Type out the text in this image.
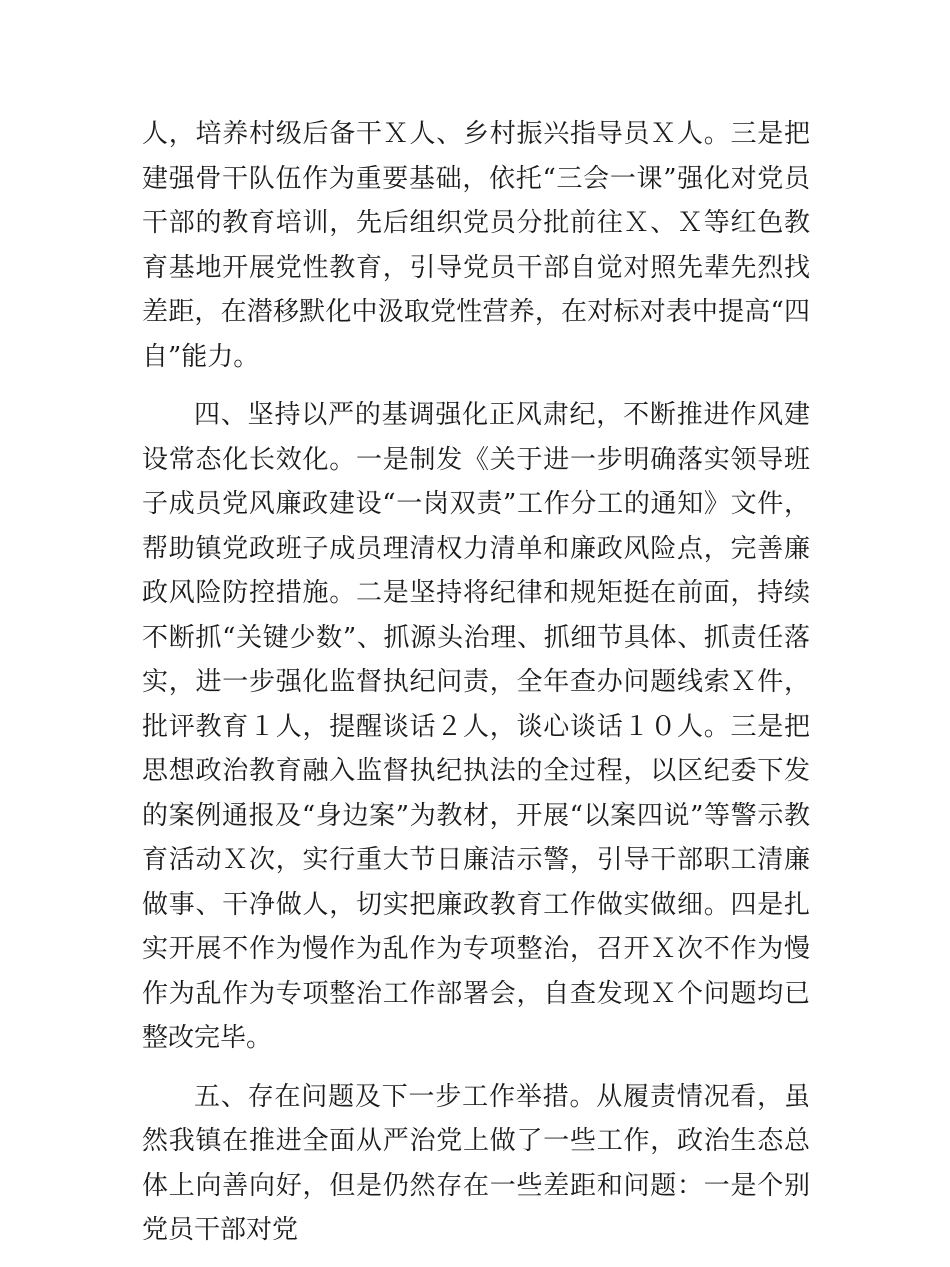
人，培养村级后备干Ｘ人、乡村振兴指导员Ｘ人。三是把建强骨干队伍作为重要基础，依托“三会一课”强化对党员干部的教育培训，先后组织党员分批前往Ｘ、Ｘ等红色教育基地开展党性教育，引导党员干部自觉对照先辈先烈找差距，在潜移默化中汲取党性营养，在对标对表中提高“四自”能力。

四、坚持以严的基调强化正风肃纪，不断推进作风建设常态化长效化。一是制发《关于进一步明确落实领导班子成员党风廉政建设“一岗双责”工作分工的通知》文件，帮助镇党政班子成员理清权力清单和廉政风险点，完善廉政风险防控措施。二是坚持将纪律和规矩挺在前面，持续不断抓“关键少数”、抓源头治理、抓细节具体、抓责任落实，进一步强化监督执纪问责，全年查办问题线索Ｘ件，批评教育１人，提醒谈话２人，谈心谈话１０人。三是把思想政治教育融入监督执纪执法的全过程，以区纪委下发的案例通报及“身边案”为教材，开展“以案四说”等警示教育活动Ｘ次，实行重大节日廉洁示警，引导干部职工清廉做事、干净做人，切实把廉政教育工作做实做细。四是扎实开展不作为慢作为乱作为专项整治，召开Ｘ次不作为慢作为乱作为专项整治工作部署会，自查发现Ｘ个问题均已整改完毕。

五、存在问题及下一步工作举措。从履责情况看，虽然我镇在推进全面从严治党上做了一些工作，政治生态总体上向善向好，但是仍然存在一些差距和问题：一是个别党员干部对党
